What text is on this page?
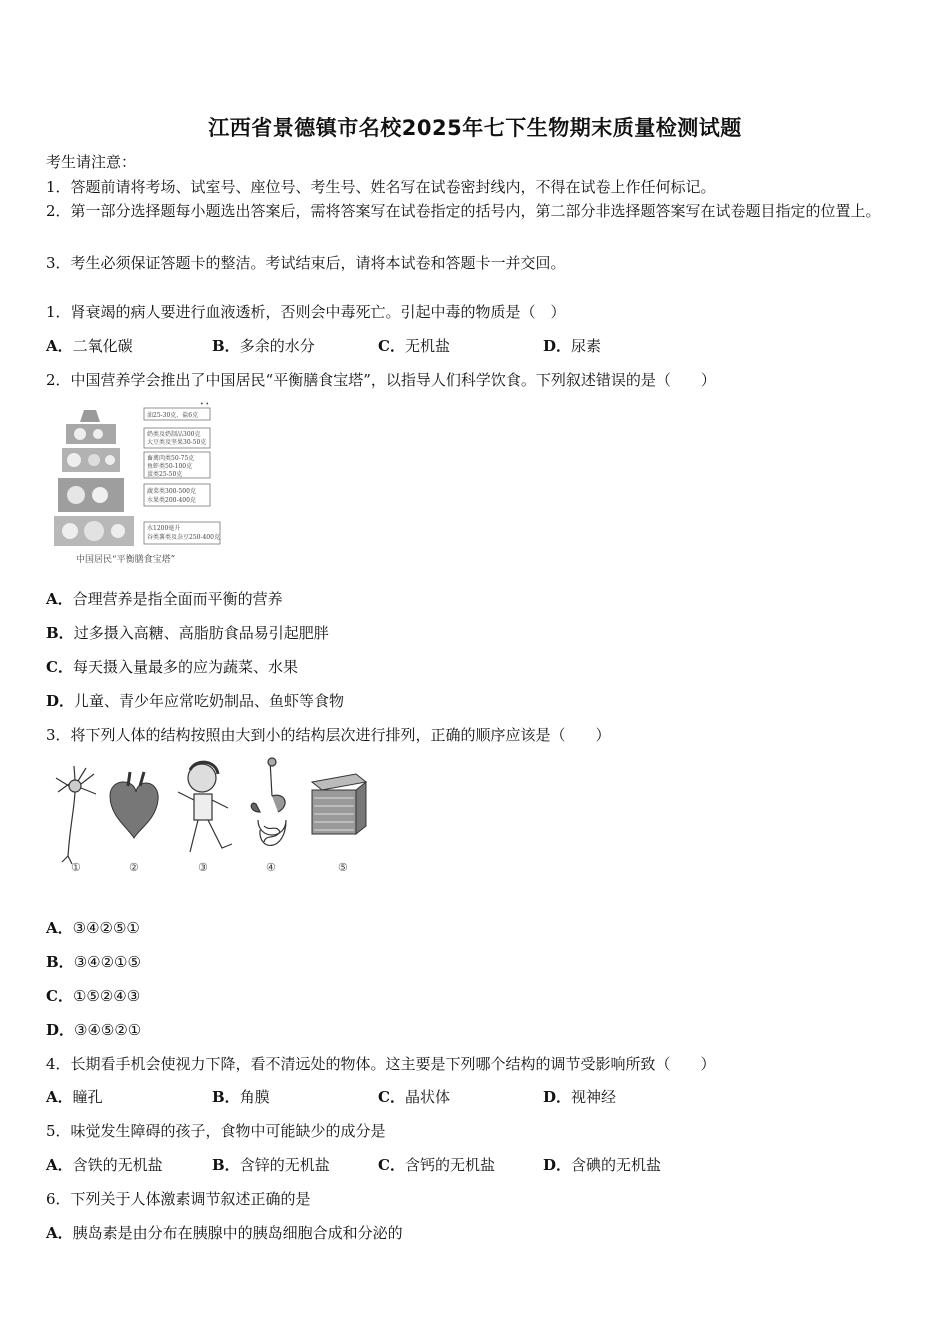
江西省景德镇市名校2025年七下生物期末质量检测试题
考生请注意：
1．答题前请将考场、试室号、座位号、考生号、姓名写在试卷密封线内，不得在试卷上作任何标记。
2．第一部分选择题每小题选出答案后，需将答案写在试卷指定的括号内，第二部分非选择题答案写在试卷题目指定的位置上。
3．考生必须保证答题卡的整洁。考试结束后，请将本试卷和答题卡一并交回。
1．肾衰竭的病人要进行血液透析，否则会中毒死亡。引起中毒的物质是（　）
A．二氧化碳	B．多余的水分	C．无机盐	D．尿素
2．中国营养学会推出了中国居民“平衡膳食宝塔”，以指导人们科学饮食。下列叙述错误的是（　　）
• •
油25-30克，盐6克
奶类及奶制品300克
大豆类及坚果30-50克
畜禽肉类50-75克
鱼虾类50-100克
蛋类25-50克
蔬菜类300-500克
水果类200-400克
水1200毫升
谷类薯类及杂豆250-400克
中国居民“平衡膳食宝塔”
A．合理营养是指全面而平衡的营养
B．过多摄入高糖、高脂肪食品易引起肥胖
C．每天摄入量最多的应为蔬菜、水果
D．儿童、青少年应常吃奶制品、鱼虾等食物
3．将下列人体的结构按照由大到小的结构层次进行排列，正确的顺序应该是（　　）
①	②	③	④	⑤
A．③④②⑤①
B．③④②①⑤
C．①⑤②④③
D．③④⑤②①
4．长期看手机会使视力下降，看不清远处的物体。这主要是下列哪个结构的调节受影响所致（　　）
A．瞳孔	B．角膜	C．晶状体	D．视神经
5．味觉发生障碍的孩子，食物中可能缺少的成分是
A．含铁的无机盐	B．含锌的无机盐	C．含钙的无机盐	D．含碘的无机盐
6．下列关于人体激素调节叙述正确的是
A．胰岛素是由分布在胰腺中的胰岛细胞合成和分泌的
